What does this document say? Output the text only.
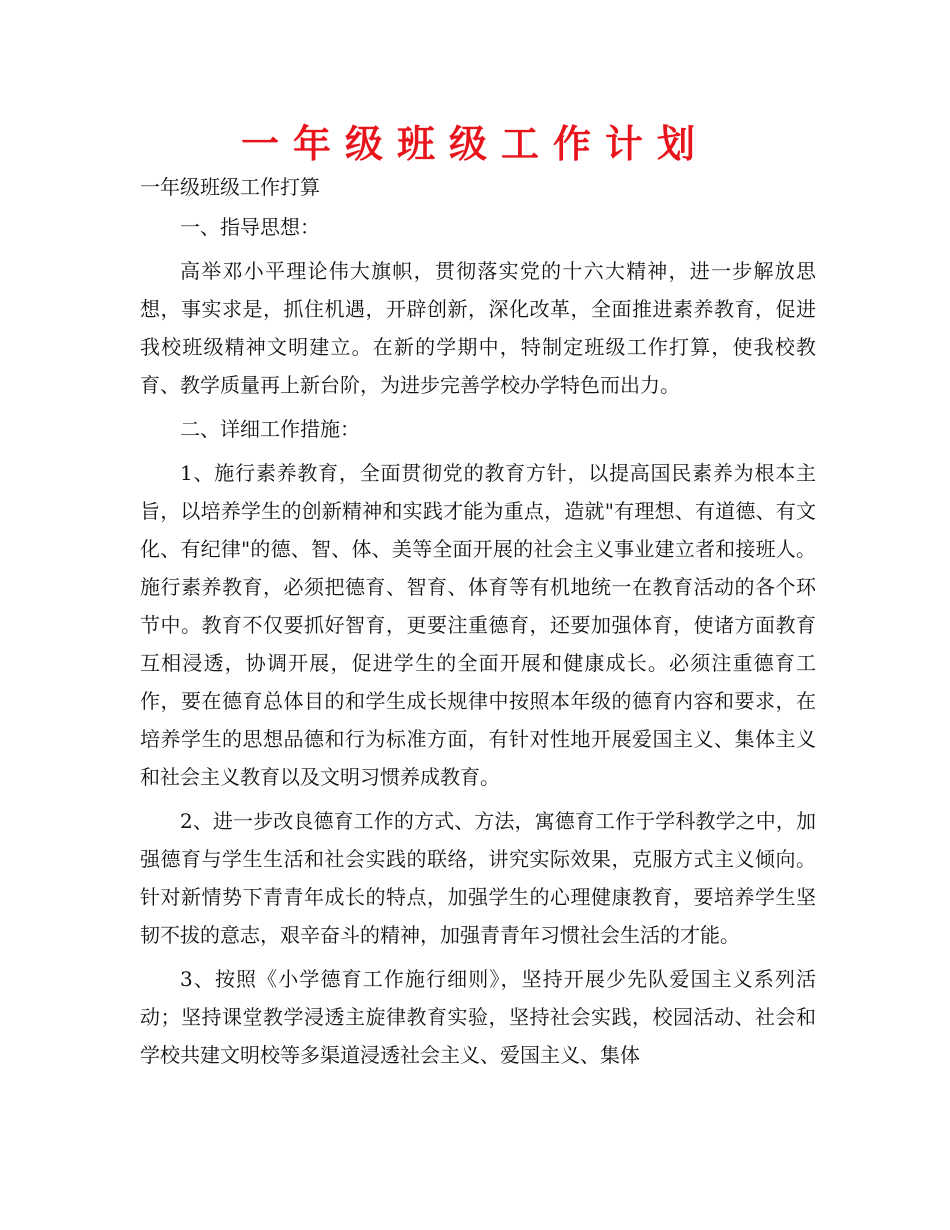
一年级班级工作计划

一年级班级工作打算

一、指导思想：

高举邓小平理论伟大旗帜，贯彻落实党的十六大精神，进一步解放思想，事实求是，抓住机遇，开辟创新，深化改革，全面推进素养教育，促进我校班级精神文明建立。在新的学期中，特制定班级工作打算，使我校教育、教学质量再上新台阶，为进步完善学校办学特色而出力。

二、详细工作措施：

1、施行素养教育，全面贯彻党的教育方针，以提高国民素养为根本主旨，以培养学生的创新精神和实践才能为重点，造就"有理想、有道德、有文化、有纪律"的德、智、体、美等全面开展的社会主义事业建立者和接班人。施行素养教育，必须把德育、智育、体育等有机地统一在教育活动的各个环节中。教育不仅要抓好智育，更要注重德育，还要加强体育，使诸方面教育互相浸透，协调开展，促进学生的全面开展和健康成长。必须注重德育工作，要在德育总体目的和学生成长规律中按照本年级的德育内容和要求，在培养学生的思想品德和行为标准方面，有针对性地开展爱国主义、集体主义和社会主义教育以及文明习惯养成教育。

2、进一步改良德育工作的方式、方法，寓德育工作于学科教学之中，加强德育与学生生活和社会实践的联络，讲究实际效果，克服方式主义倾向。针对新情势下青青年成长的特点，加强学生的心理健康教育，要培养学生坚韧不拔的意志，艰辛奋斗的精神，加强青青年习惯社会生活的才能。

3、按照《小学德育工作施行细则》，坚持开展少先队爱国主义系列活动；坚持课堂教学浸透主旋律教育实验，坚持社会实践，校园活动、社会和学校共建文明校等多渠道浸透社会主义、爱国主义、集体
